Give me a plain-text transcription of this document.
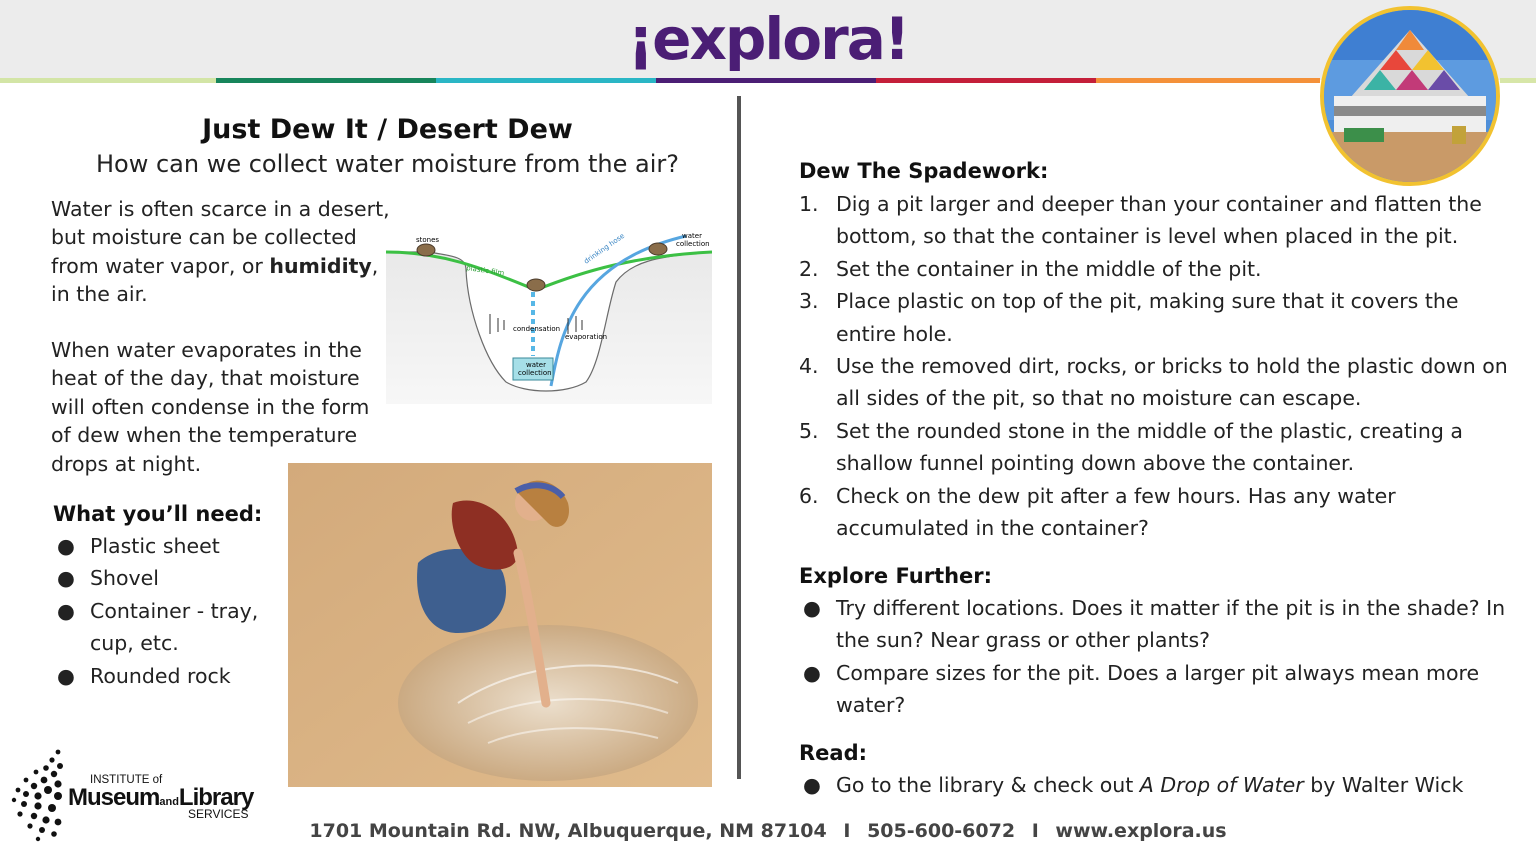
¡explora!
Just Dew It / Desert Dew
How can we collect water moisture from the air?
Water is often scarce in a desert, but moisture can be collected from water vapor, or humidity, in the air.
When water evaporates in the heat of the day, that moisture will often condense in the form of dew when the temperature drops at night.
stones
plastic film
drinking hose	water
collection
condensation
evaporation
water
collection
What you’ll need:
● Plastic sheet
● Shovel
● Container - tray, cup, etc.
● Rounded rock
INSTITUTE of
MuseumandLibrary
SERVICES
Dew The Spadework:
1. Dig a pit larger and deeper than your container and flatten the bottom, so that the container is level when placed in the pit.
2. Set the container in the middle of the pit.
3. Place plastic on top of the pit, making sure that it covers the entire hole.
4. Use the removed dirt, rocks, or bricks to hold the plastic down on all sides of the pit, so that no moisture can escape.
5. Set the rounded stone in the middle of the plastic, creating a shallow funnel pointing down above the container.
6. Check on the dew pit after a few hours. Has any water accumulated in the container?
Explore Further:
● Try different locations. Does it matter if the pit is in the shade? In the sun? Near grass or other plants?
● Compare sizes for the pit. Does a larger pit always mean more water?
Read:
● Go to the library & check out A Drop of Water by Walter Wick
1701 Mountain Rd. NW, Albuquerque, NM 87104 I 505-600-6072 I www.explora.us
